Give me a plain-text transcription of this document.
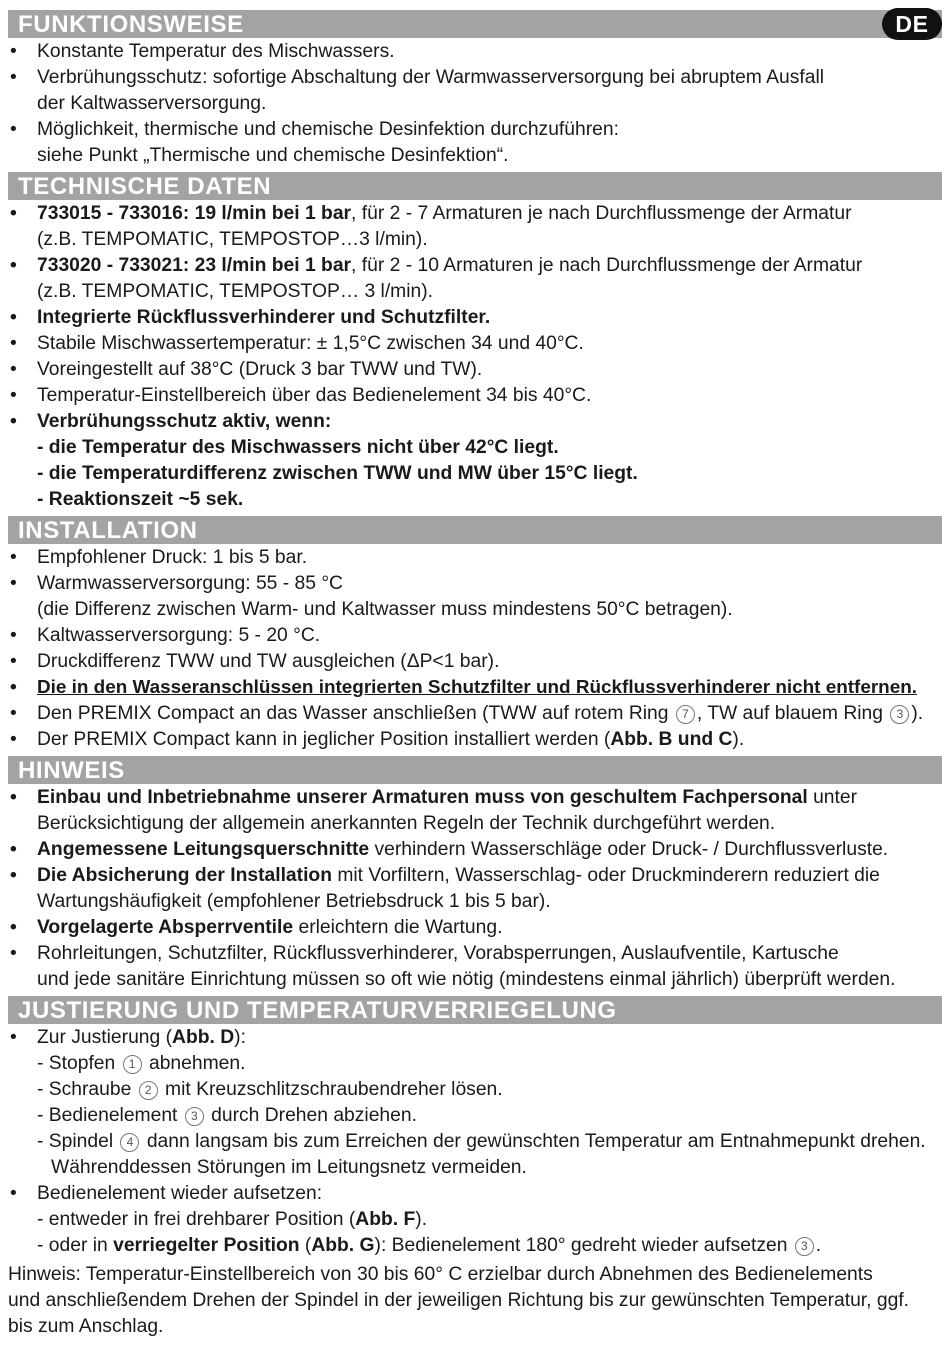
FUNKTIONSWEISE	DE
• Konstante Temperatur des Mischwassers.
• Verbrühungsschutz: sofortige Abschaltung der Warmwasserversorgung bei abruptem Ausfall
der Kaltwasserversorgung.
• Möglichkeit, thermische und chemische Desinfektion durchzuführen:
siehe Punkt „Thermische und chemische Desinfektion“.
TECHNISCHE DATEN
• 733015 - 733016: 19 l/min bei 1 bar, für 2 - 7 Armaturen je nach Durchflussmenge der Armatur
(z.B. TEMPOMATIC, TEMPOSTOP…3 l/min).
• 733020 - 733021: 23 l/min bei 1 bar, für 2 - 10 Armaturen je nach Durchflussmenge der Armatur
(z.B. TEMPOMATIC, TEMPOSTOP… 3 l/min).
• Integrierte Rückflussverhinderer und Schutzfilter.
• Stabile Mischwassertemperatur: ± 1,5°C zwischen 34 und 40°C.
• Voreingestellt auf 38°C (Druck 3 bar TWW und TW).
• Temperatur-Einstellbereich über das Bedienelement 34 bis 40°C.
• Verbrühungsschutz aktiv, wenn:
- die Temperatur des Mischwassers nicht über 42°C liegt.
- die Temperaturdifferenz zwischen TWW und MW über 15°C liegt.
- Reaktionszeit ~5 sek.
INSTALLATION
• Empfohlener Druck: 1 bis 5 bar.
• Warmwasserversorgung: 55 - 85 °C
(die Differenz zwischen Warm- und Kaltwasser muss mindestens 50°C betragen).
• Kaltwasserversorgung: 5 - 20 °C.
• Druckdifferenz TWW und TW ausgleichen (ΔP<1 bar).
• Die in den Wasseranschlüssen integrierten Schutzfilter und Rückflussverhinderer nicht entfernen.
• Den PREMIX Compact an das Wasser anschließen (TWW auf rotem Ring 7 , TW auf blauem Ring 3 ).
• Der PREMIX Compact kann in jeglicher Position installiert werden (Abb. B und C).
HINWEIS
• Einbau und Inbetriebnahme unserer Armaturen muss von geschultem Fachpersonal unter
Berücksichtigung der allgemein anerkannten Regeln der Technik durchgeführt werden.
• Angemessene Leitungsquerschnitte verhindern Wasserschläge oder Druck- / Durchflussverluste.
• Die Absicherung der Installation mit Vorfiltern, Wasserschlag- oder Druckminderern reduziert die
Wartungshäufigkeit (empfohlener Betriebsdruck 1 bis 5 bar).
• Vorgelagerte Absperrventile erleichtern die Wartung.
• Rohrleitungen, Schutzfilter, Rückflussverhinderer, Vorabsperrungen, Auslaufventile, Kartusche
und jede sanitäre Einrichtung müssen so oft wie nötig (mindestens einmal jährlich) überprüft werden.
JUSTIERUNG UND TEMPERATURVERRIEGELUNG
• Zur Justierung (Abb. D):
- Stopfen 1 abnehmen.
- Schraube 2 mit Kreuzschlitzschraubendreher lösen.
- Bedienelement 3 durch Drehen abziehen.
- Spindel 4 dann langsam bis zum Erreichen der gewünschten Temperatur am Entnahmepunkt drehen.
Währenddessen Störungen im Leitungsnetz vermeiden.
• Bedienelement wieder aufsetzen:
- entweder in frei drehbarer Position (Abb. F).
- oder in verriegelter Position (Abb. G): Bedienelement 180° gedreht wieder aufsetzen 3 .
Hinweis: Temperatur-Einstellbereich von 30 bis 60° C erzielbar durch Abnehmen des Bedienelements
und anschließendem Drehen der Spindel in der jeweiligen Richtung bis zur gewünschten Temperatur, ggf.
bis zum Anschlag.
